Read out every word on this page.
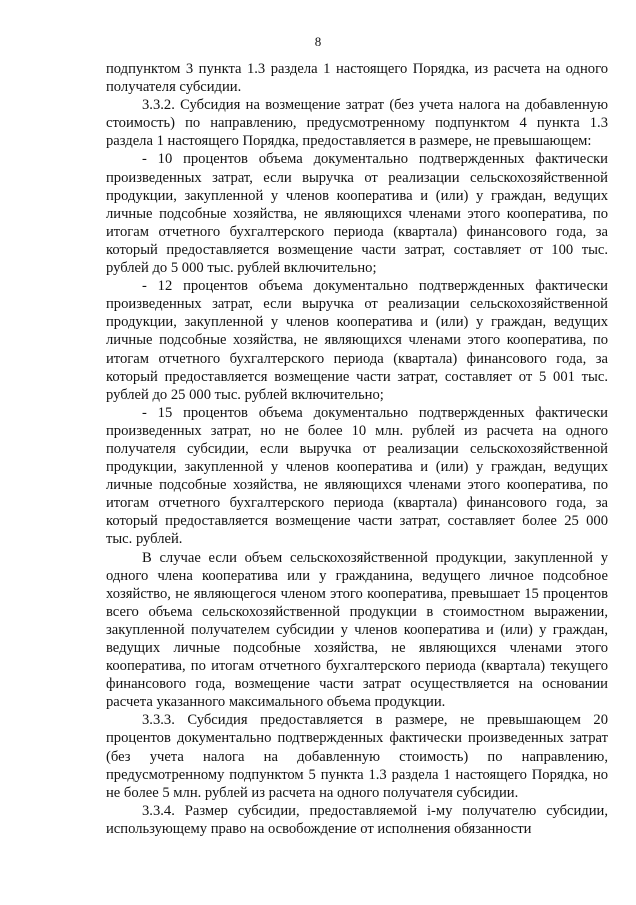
8

подпунктом 3 пункта 1.3 раздела 1 настоящего Порядка, из расчета на одного получателя субсидии.

3.3.2. Субсидия на возмещение затрат (без учета налога на добавленную стоимость) по направлению, предусмотренному подпунктом 4 пункта 1.3 раздела 1 настоящего Порядка, предоставляется в размере, не превышающем:

- 10 процентов объема документально подтвержденных фактически произведенных затрат, если выручка от реализации сельскохозяйственной продукции, закупленной у членов кооператива и (или) у граждан, ведущих личные подсобные хозяйства, не являющихся членами этого кооператива, по итогам отчетного бухгалтерского периода (квартала) финансового года, за который предоставляется возмещение части затрат, составляет от 100 тыс. рублей до 5 000 тыс. рублей включительно;

- 12 процентов объема документально подтвержденных фактически произведенных затрат, если выручка от реализации сельскохозяйственной продукции, закупленной у членов кооператива и (или) у граждан, ведущих личные подсобные хозяйства, не являющихся членами этого кооператива, по итогам отчетного бухгалтерского периода (квартала) финансового года, за который предоставляется возмещение части затрат, составляет от 5 001 тыс. рублей до 25 000 тыс. рублей включительно;

- 15 процентов объема документально подтвержденных фактически произведенных затрат, но не более 10 млн. рублей из расчета на одного получателя субсидии, если выручка от реализации сельскохозяйственной продукции, закупленной у членов кооператива и (или) у граждан, ведущих личные подсобные хозяйства, не являющихся членами этого кооператива, по итогам отчетного бухгалтерского периода (квартала) финансового года, за который предоставляется возмещение части затрат, составляет более 25 000 тыс. рублей.

В случае если объем сельскохозяйственной продукции, закупленной у одного члена кооператива или у гражданина, ведущего личное подсобное хозяйство, не являющегося членом этого кооператива, превышает 15 процентов всего объема сельскохозяйственной продукции в стоимостном выражении, закупленной получателем субсидии у членов кооператива и (или) у граждан, ведущих личные подсобные хозяйства, не являющихся членами этого кооператива, по итогам отчетного бухгалтерского периода (квартала) текущего финансового года, возмещение части затрат осуществляется на основании расчета указанного максимального объема продукции.

3.3.3. Субсидия предоставляется в размере, не превышающем 20 процентов документально подтвержденных фактически произведенных затрат (без учета налога на добавленную стоимость) по направлению, предусмотренному подпунктом 5 пункта 1.3 раздела 1 настоящего Порядка, но не более 5 млн. рублей из расчета на одного получателя субсидии.

3.3.4. Размер субсидии, предоставляемой i-му получателю субсидии, использующему право на освобождение от исполнения обязанности
